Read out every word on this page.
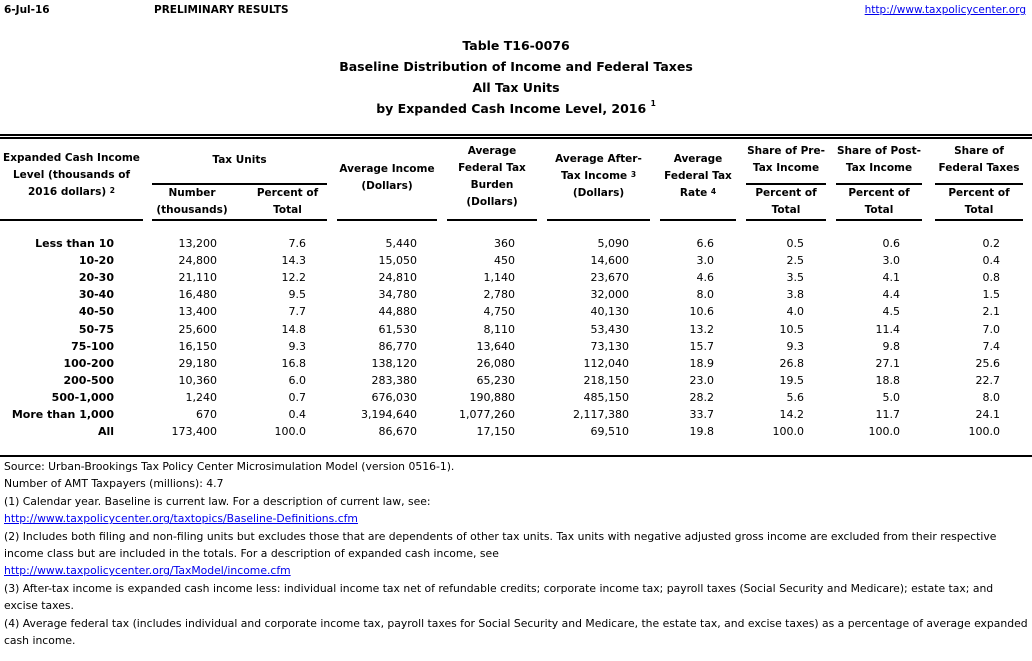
6-Jul-16	PRELIMINARY RESULTS	http://www.taxpolicycenter.org
Table T16-0076
Baseline Distribution of Income and Federal Taxes
All Tax Units
by Expanded Cash Income Level, 2016 $^1$
Expanded Cash Income
Level (thousands of
2016 dollars) $^2$
Tax Units
Number
(thousands)
Percent of
Total
Average Income
(Dollars)
Average
Federal Tax
Burden
(Dollars)
Average After-
Tax Income $^3$
(Dollars)
Average
Federal Tax
Rate $^4$
Share of Pre-
Tax Income
Percent of
Total
Share of Post-
Tax Income
Percent of
Total
Share of
Federal Taxes
Percent of
Total
Less than 10	13,200	7.6	5,440	360	5,090	6.6	0.5	0.6	0.2
10-20	24,800	14.3	15,050	450	14,600	3.0	2.5	3.0	0.4
20-30	21,110	12.2	24,810	1,140	23,670	4.6	3.5	4.1	0.8
30-40	16,480	9.5	34,780	2,780	32,000	8.0	3.8	4.4	1.5
40-50	13,400	7.7	44,880	4,750	40,130	10.6	4.0	4.5	2.1
50-75	25,600	14.8	61,530	8,110	53,430	13.2	10.5	11.4	7.0
75-100	16,150	9.3	86,770	13,640	73,130	15.7	9.3	9.8	7.4
100-200	29,180	16.8	138,120	26,080	112,040	18.9	26.8	27.1	25.6
200-500	10,360	6.0	283,380	65,230	218,150	23.0	19.5	18.8	22.7
500-1,000	1,240	0.7	676,030	190,880	485,150	28.2	5.6	5.0	8.0
More than 1,000	670	0.4	3,194,640	1,077,260	2,117,380	33.7	14.2	11.7	24.1
All	173,400	100.0	86,670	17,150	69,510	19.8	100.0	100.0	100.0
Source: Urban-Brookings Tax Policy Center Microsimulation Model (version 0516-1).
Number of AMT Taxpayers (millions): 4.7
(1) Calendar year. Baseline is current law. For a description of current law, see:
http://www.taxpolicycenter.org/taxtopics/Baseline-Definitions.cfm
(2) Includes both filing and non-filing units but excludes those that are dependents of other tax units. Tax units with negative adjusted gross income are excluded from their respective
income class but are included in the totals. For a description of expanded cash income, see
http://www.taxpolicycenter.org/TaxModel/income.cfm
(3) After-tax income is expanded cash income less: individual income tax net of refundable credits; corporate income tax; payroll taxes (Social Security and Medicare); estate tax; and
excise taxes.
(4) Average federal tax (includes individual and corporate income tax, payroll taxes for Social Security and Medicare, the estate tax, and excise taxes) as a percentage of average expanded
cash income.
